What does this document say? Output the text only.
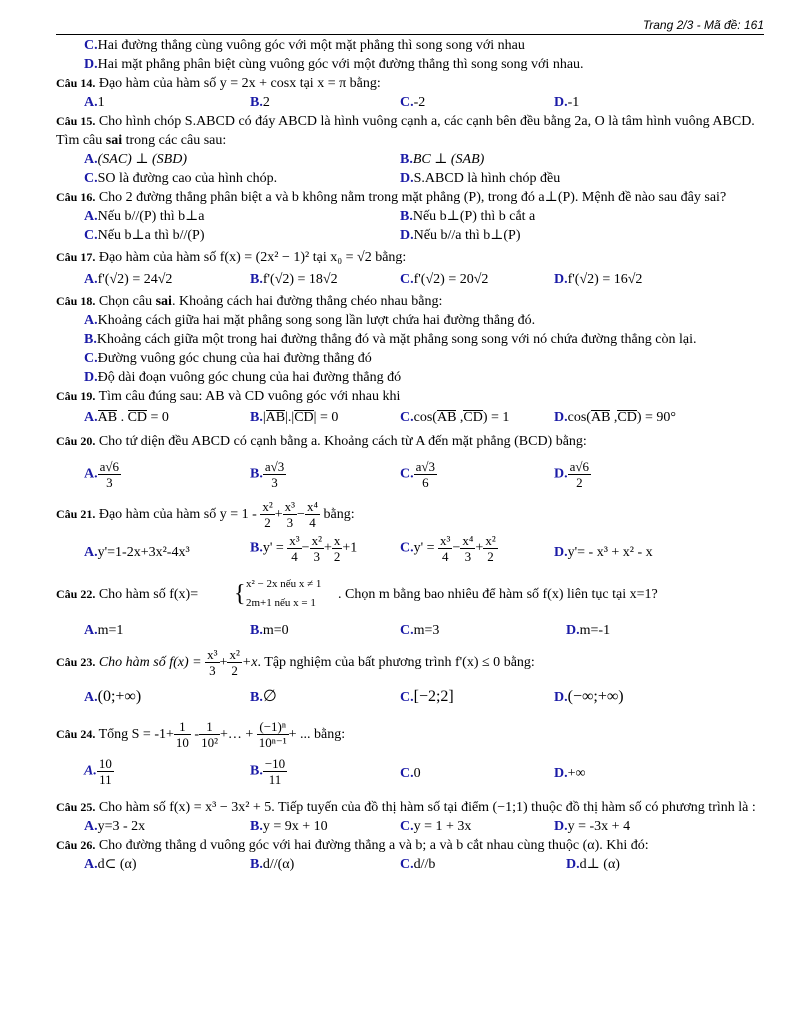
Trang 2/3 - Mã đề: 161
C.Hai đường thẳng cùng vuông góc với một mặt phẳng thì song song với nhau
D.Hai mặt phẳng phân biệt cùng vuông góc với một đường thẳng thì song song với nhau.
Câu 14. Đạo hàm của hàm số y = 2x + cosx tại x = π bằng:
A.1	B.2	C.-2	D.-1
Câu 15. Cho hình chóp S.ABCD có đáy ABCD là hình vuông cạnh a, các cạnh bên đều bằng 2a, O là tâm hình vuông ABCD. Tìm câu sai trong các câu sau:
A.(SAC) ⊥ (SBD)	B.BC ⊥ (SAB)
C.SO là đường cao của hình chóp.	D.S.ABCD là hình chóp đều
Câu 16. Cho 2 đường thẳng phân biệt a và b không nằm trong mặt phẳng (P), trong đó a⊥(P). Mệnh đề nào sau đây sai?
A.Nếu b//(P) thì b⊥a	B.Nếu b⊥(P) thì b cắt a
C.Nếu b⊥a thì b//(P)	D.Nếu b//a thì b⊥(P)
Câu 17. Đạo hàm của hàm số f(x) = (2x² − 1)² tại x₀ = √2 bằng:
A.f'(√2) = 24√2	B.f'(√2) = 18√2	C.f'(√2) = 20√2	D.f'(√2) = 16√2
Câu 18. Chọn câu sai. Khoảng cách hai đường thẳng chéo nhau bằng:
A.Khoảng cách giữa hai mặt phẳng song song lần lượt chứa hai đường thẳng đó.
B.Khoảng cách giữa một trong hai đường thẳng đó và mặt phẳng song song với nó chứa đường thẳng còn lại.
C.Đường vuông góc chung của hai đường thẳng đó
D.Độ dài đoạn vuông góc chung của hai đường thẳng đó
Câu 19. Tìm câu đúng sau: AB và CD vuông góc với nhau khi
A.AB . CD = 0	B.|AB|.|CD| = 0	C.cos(AB ,CD) = 1	D.cos(AB ,CD) = 90°
Câu 20. Cho tứ diện đều ABCD có cạnh bằng a. Khoảng cách từ A đến mặt phẳng (BCD) bằng:
A. $\frac{a√6}{3}$	B. $\frac{a√3}{3}$	C. $\frac{a√3}{6}$	D. $\frac{a√6}{2}$
Câu 21. Đạo hàm của hàm số $y = 1 - \frac{\text{x²}}{2} + \frac{\text{x³}}{3} - \frac{\text{x⁴}}{4}$ bằng:
A.y'=1-2x+3x²-4x³	$B.y' = \frac{\text{x³}}{4} - \frac{\text{x²}}{3} + \frac{x}{2} +1$	$C.y' = \frac{\text{x³}}{4} - \frac{\text{x⁴}}{3} + \frac{\text{x²}}{2}$	D.y'= - x³ + x² - x
Câu 22. Cho hàm số f(x)= { x² − 2x nếu x ≠ 1
2m+1 nếu x = 1
. Chọn m bằng bao nhiêu để hàm số f(x) liên tục tại x=1?
A.m=1	B.m=0	C.m=3	D.m=-1
Câu 23. Cho hàm số $f(x) = \frac{\text{x³}}{3} + \frac{\text{x²}}{2} +x$. Tập nghiệm của bất phương trình f'(x) ≤ 0 bằng:
A.(0;+∞)	B.∅	C.[−2;2]	D.(−∞;+∞)
Câu 24. Tổng $S = -1+ \frac{1}{10} - \frac{1}{\text{10²}}$ +… + $\frac{\text{(−1)ⁿ}}{\text{10ⁿ⁻¹}}$ + ... bằng:
A. $\frac{10}{11}$	B. $\frac{-10}{11}$	C.0	D.+∞
Câu 25. Cho hàm số f(x) = x³ − 3x² + 5. Tiếp tuyến của đồ thị hàm số tại điểm (−1;1) thuộc đồ thị hàm số có phương trình là :
A.y=3 - 2x	B.y = 9x + 10	C.y = 1 + 3x	D.y = -3x + 4
Câu 26. Cho đường thẳng d vuông góc với hai đường thẳng a và b; a và b cắt nhau cùng thuộc (α). Khi đó:
A.d⊂ (α)	B.d//(α)	C.d//b	D.d⊥ (α)
